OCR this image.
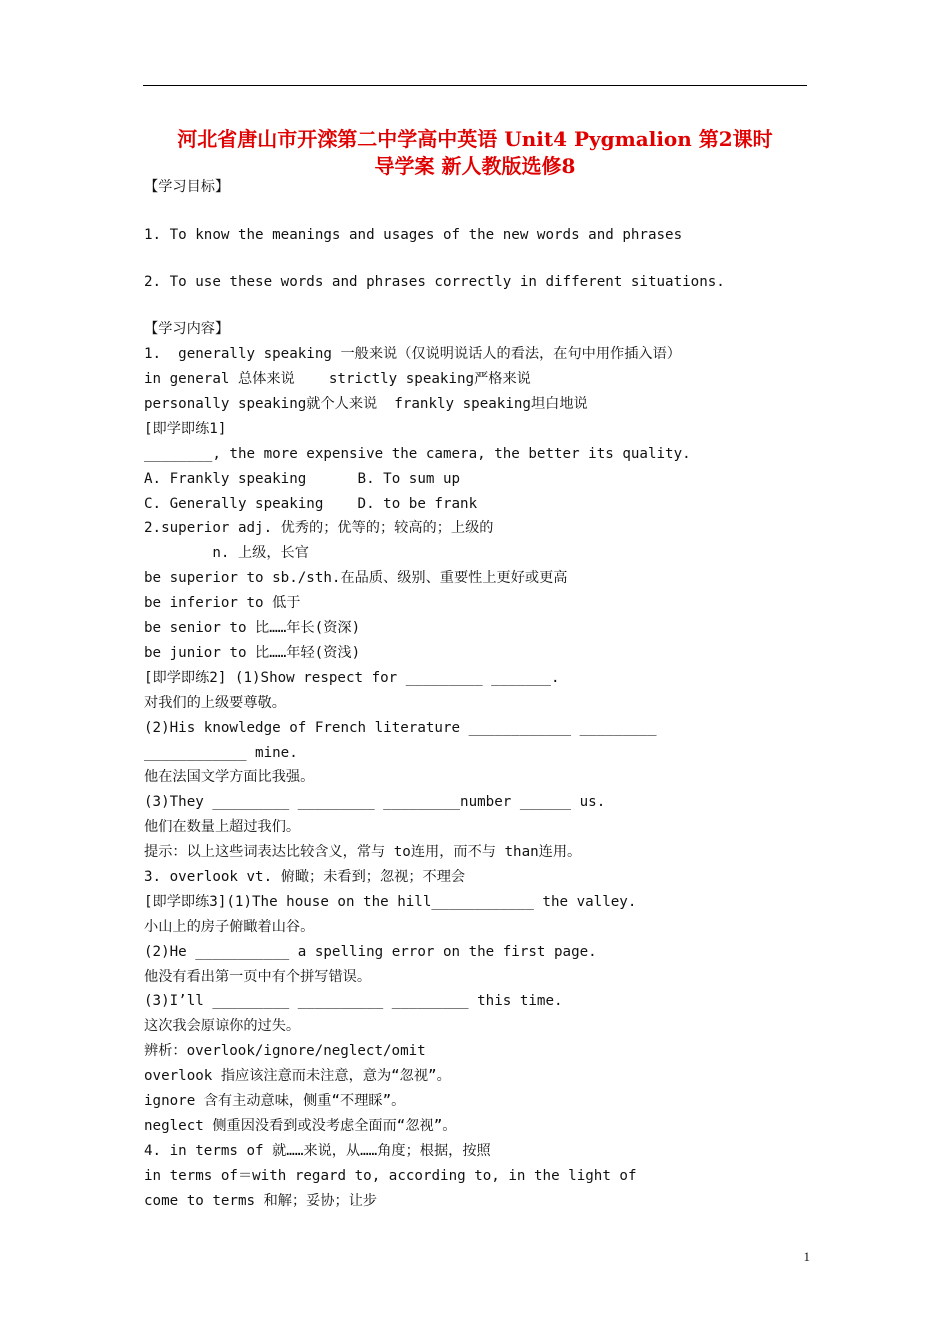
河北省唐山市开滦第二中学高中英语 Unit4 Pygmalion 第2课时
导学案 新人教版选修8
【学习目标】
1. To know the meanings and usages of the new words and phrases
2. To use these words and phrases correctly in different situations.
【学习内容】
1.  generally speaking 一般来说（仅说明说话人的看法，在句中用作插入语）
in general 总体来说    strictly speaking严格来说
personally speaking就个人来说  frankly speaking坦白地说
[即学即练1]
________, the more expensive the camera, the better its quality.
A. Frankly speaking      B. To sum up
C. Generally speaking    D. to be frank
2.superior adj. 优秀的；优等的；较高的；上级的
n. 上级，长官
be superior to sb./sth.在品质、级别、重要性上更好或更高
be inferior to 低于
be senior to 比……年长(资深)
be junior to 比……年轻(资浅)
[即学即练2] (1)Show respect for _________ _______.
对我们的上级要尊敬。
(2)His knowledge of French literature ____________ _________
____________ mine.
他在法国文学方面比我强。
(3)They _________ _________ _________number ______ us.
他们在数量上超过我们。
提示：以上这些词表达比较含义，常与 to连用，而不与 than连用。
3. overlook vt. 俯瞰；未看到；忽视；不理会
[即学即练3](1)The house on the hill____________ the valley.
小山上的房子俯瞰着山谷。
(2)He ___________ a spelling error on the first page.
他没有看出第一页中有个拼写错误。
(3)I’ll _________ __________ _________ this time.
这次我会原谅你的过失。
辨析：overlook/ignore/neglect/omit
overlook 指应该注意而未注意，意为“忽视”。
ignore 含有主动意味，侧重“不理睬”。
neglect 侧重因没看到或没考虑全面而“忽视”。
4. in terms of 就……来说，从……角度；根据，按照
in terms of＝with regard to, according to, in the light of
come to terms 和解；妥协；让步
1
